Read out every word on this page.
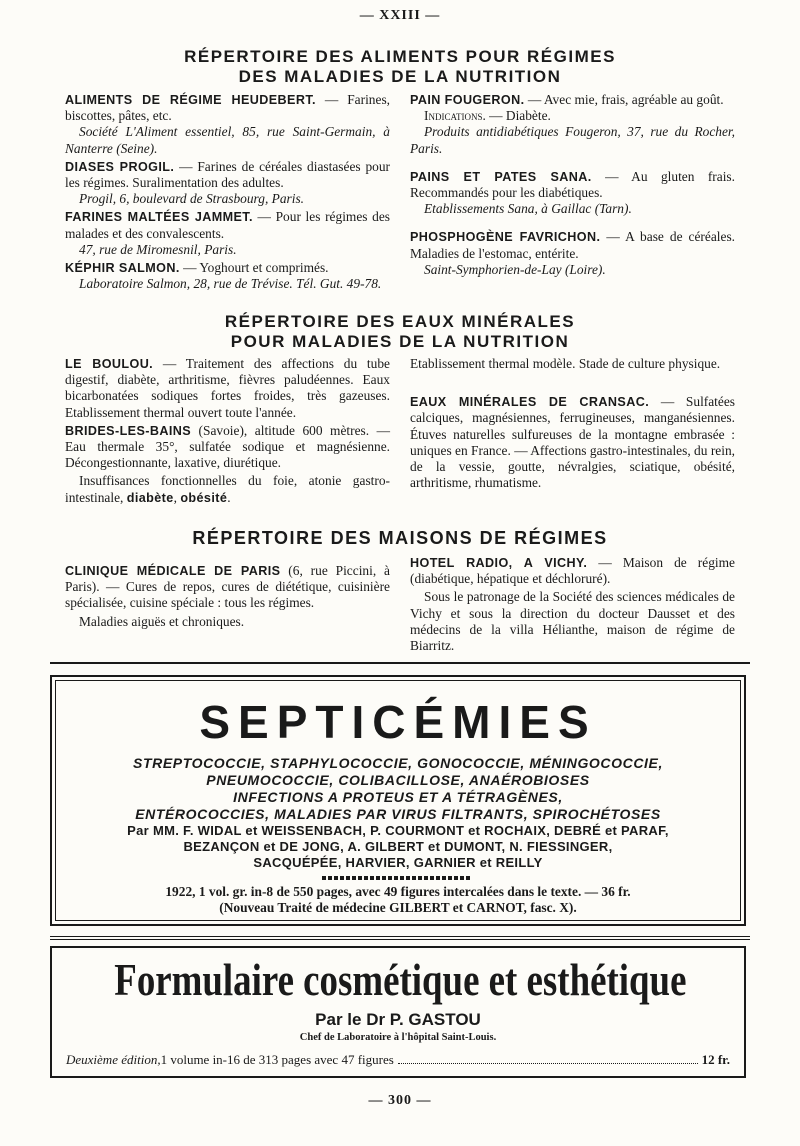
— XXIII —
RÉPERTOIRE DES ALIMENTS POUR RÉGIMES
DES MALADIES DE LA NUTRITION
ALIMENTS DE RÉGIME HEUDEBERT. — Farines, biscottes, pâtes, etc.
Société L'Aliment essentiel, 85, rue Saint-Germain, à Nanterre (Seine).
DIASES PROGIL. — Farines de céréales diastasées pour les régimes. Suralimentation des adultes.
Progil, 6, boulevard de Strasbourg, Paris.
FARINES MALTÉES JAMMET. — Pour les régimes des malades et des convalescents.
47, rue de Miromesnil, Paris.
KÉPHIR SALMON. — Yoghourt et comprimés.
Laboratoire Salmon, 28, rue de Trévise. Tél. Gut. 49-78.
PAIN FOUGERON. — Avec mie, frais, agréable au goût.
Indications. — Diabète.
Produits antidiabétiques Fougeron, 37, rue du Rocher, Paris.
PAINS ET PATES SANA. — Au gluten frais. Recommandés pour les diabétiques.
Etablissements Sana, à Gaillac (Tarn).
PHOSPHOGÈNE FAVRICHON. — A base de céréales. Maladies de l'estomac, entérite.
Saint-Symphorien-de-Lay (Loire).
RÉPERTOIRE DES EAUX MINÉRALES
POUR MALADIES DE LA NUTRITION
LE BOULOU. — Traitement des affections du tube digestif, diabète, arthritisme, fièvres paludéennes. Eaux bicarbonatées sodiques fortes froides, très gazeuses. Etablissement thermal ouvert toute l'année.
BRIDES-LES-BAINS (Savoie), altitude 600 mètres. — Eau thermale 35°, sulfatée sodique et magnésienne. Décongestionnante, laxative, diurétique.
Insuffisances fonctionnelles du foie, atonie gastro-intestinale, diabète, obésité.
Etablissement thermal modèle. Stade de culture physique.
EAUX MINÉRALES DE CRANSAC. — Sulfatées calciques, magnésiennes, ferrugineuses, manganésiennes. Étuves naturelles sulfureuses de la montagne embrasée : uniques en France. — Affections gastro-intestinales, du rein, de la vessie, goutte, névralgies, sciatique, obésité, arthritisme, rhumatisme.
RÉPERTOIRE DES MAISONS DE RÉGIMES
CLINIQUE MÉDICALE DE PARIS (6, rue Piccini, à Paris). — Cures de repos, cures de diététique, cuisinière spécialisée, cuisine spéciale : tous les régimes.
Maladies aiguës et chroniques.
HOTEL RADIO, A VICHY. — Maison de régime (diabétique, hépatique et déchloruré).
Sous le patronage de la Société des sciences médicales de Vichy et sous la direction du docteur Dausset et des médecins de la villa Hélianthe, maison de régime de Biarritz.
SEPTICÉMIES
STREPTOCOCCIE, STAPHYLOCOCCIE, GONOCOCCIE, MÉNINGOCOCCIE,
PNEUMOCOCCIE, COLIBACILLOSE, ANAÉROBIOSES
INFECTIONS A PROTEUS ET A TÉTRAGÈNES,
ENTÉROCOCCIES, MALADIES PAR VIRUS FILTRANTS, SPIROCHÉTOSES
Par MM. F. WIDAL et WEISSENBACH, P. COURMONT et ROCHAIX, DEBRÉ et PARAF,
BEZANÇON et DE JONG, A. GILBERT et DUMONT, N. FIESSINGER,
SACQUÉPÉE, HARVIER, GARNIER et REILLY
1922, 1 vol. gr. in-8 de 550 pages, avec 49 figures intercalées dans le texte. — 36 fr.
(Nouveau Traité de médecine GILBERT et CARNOT, fasc. X).
Formulaire cosmétique et esthétique
Par le Dr P. GASTOU
Chef de Laboratoire à l'hôpital Saint-Louis.
Deuxième édition, 1 volume in-16 de 313 pages avec 47 figures	12 fr.
— 300 —
